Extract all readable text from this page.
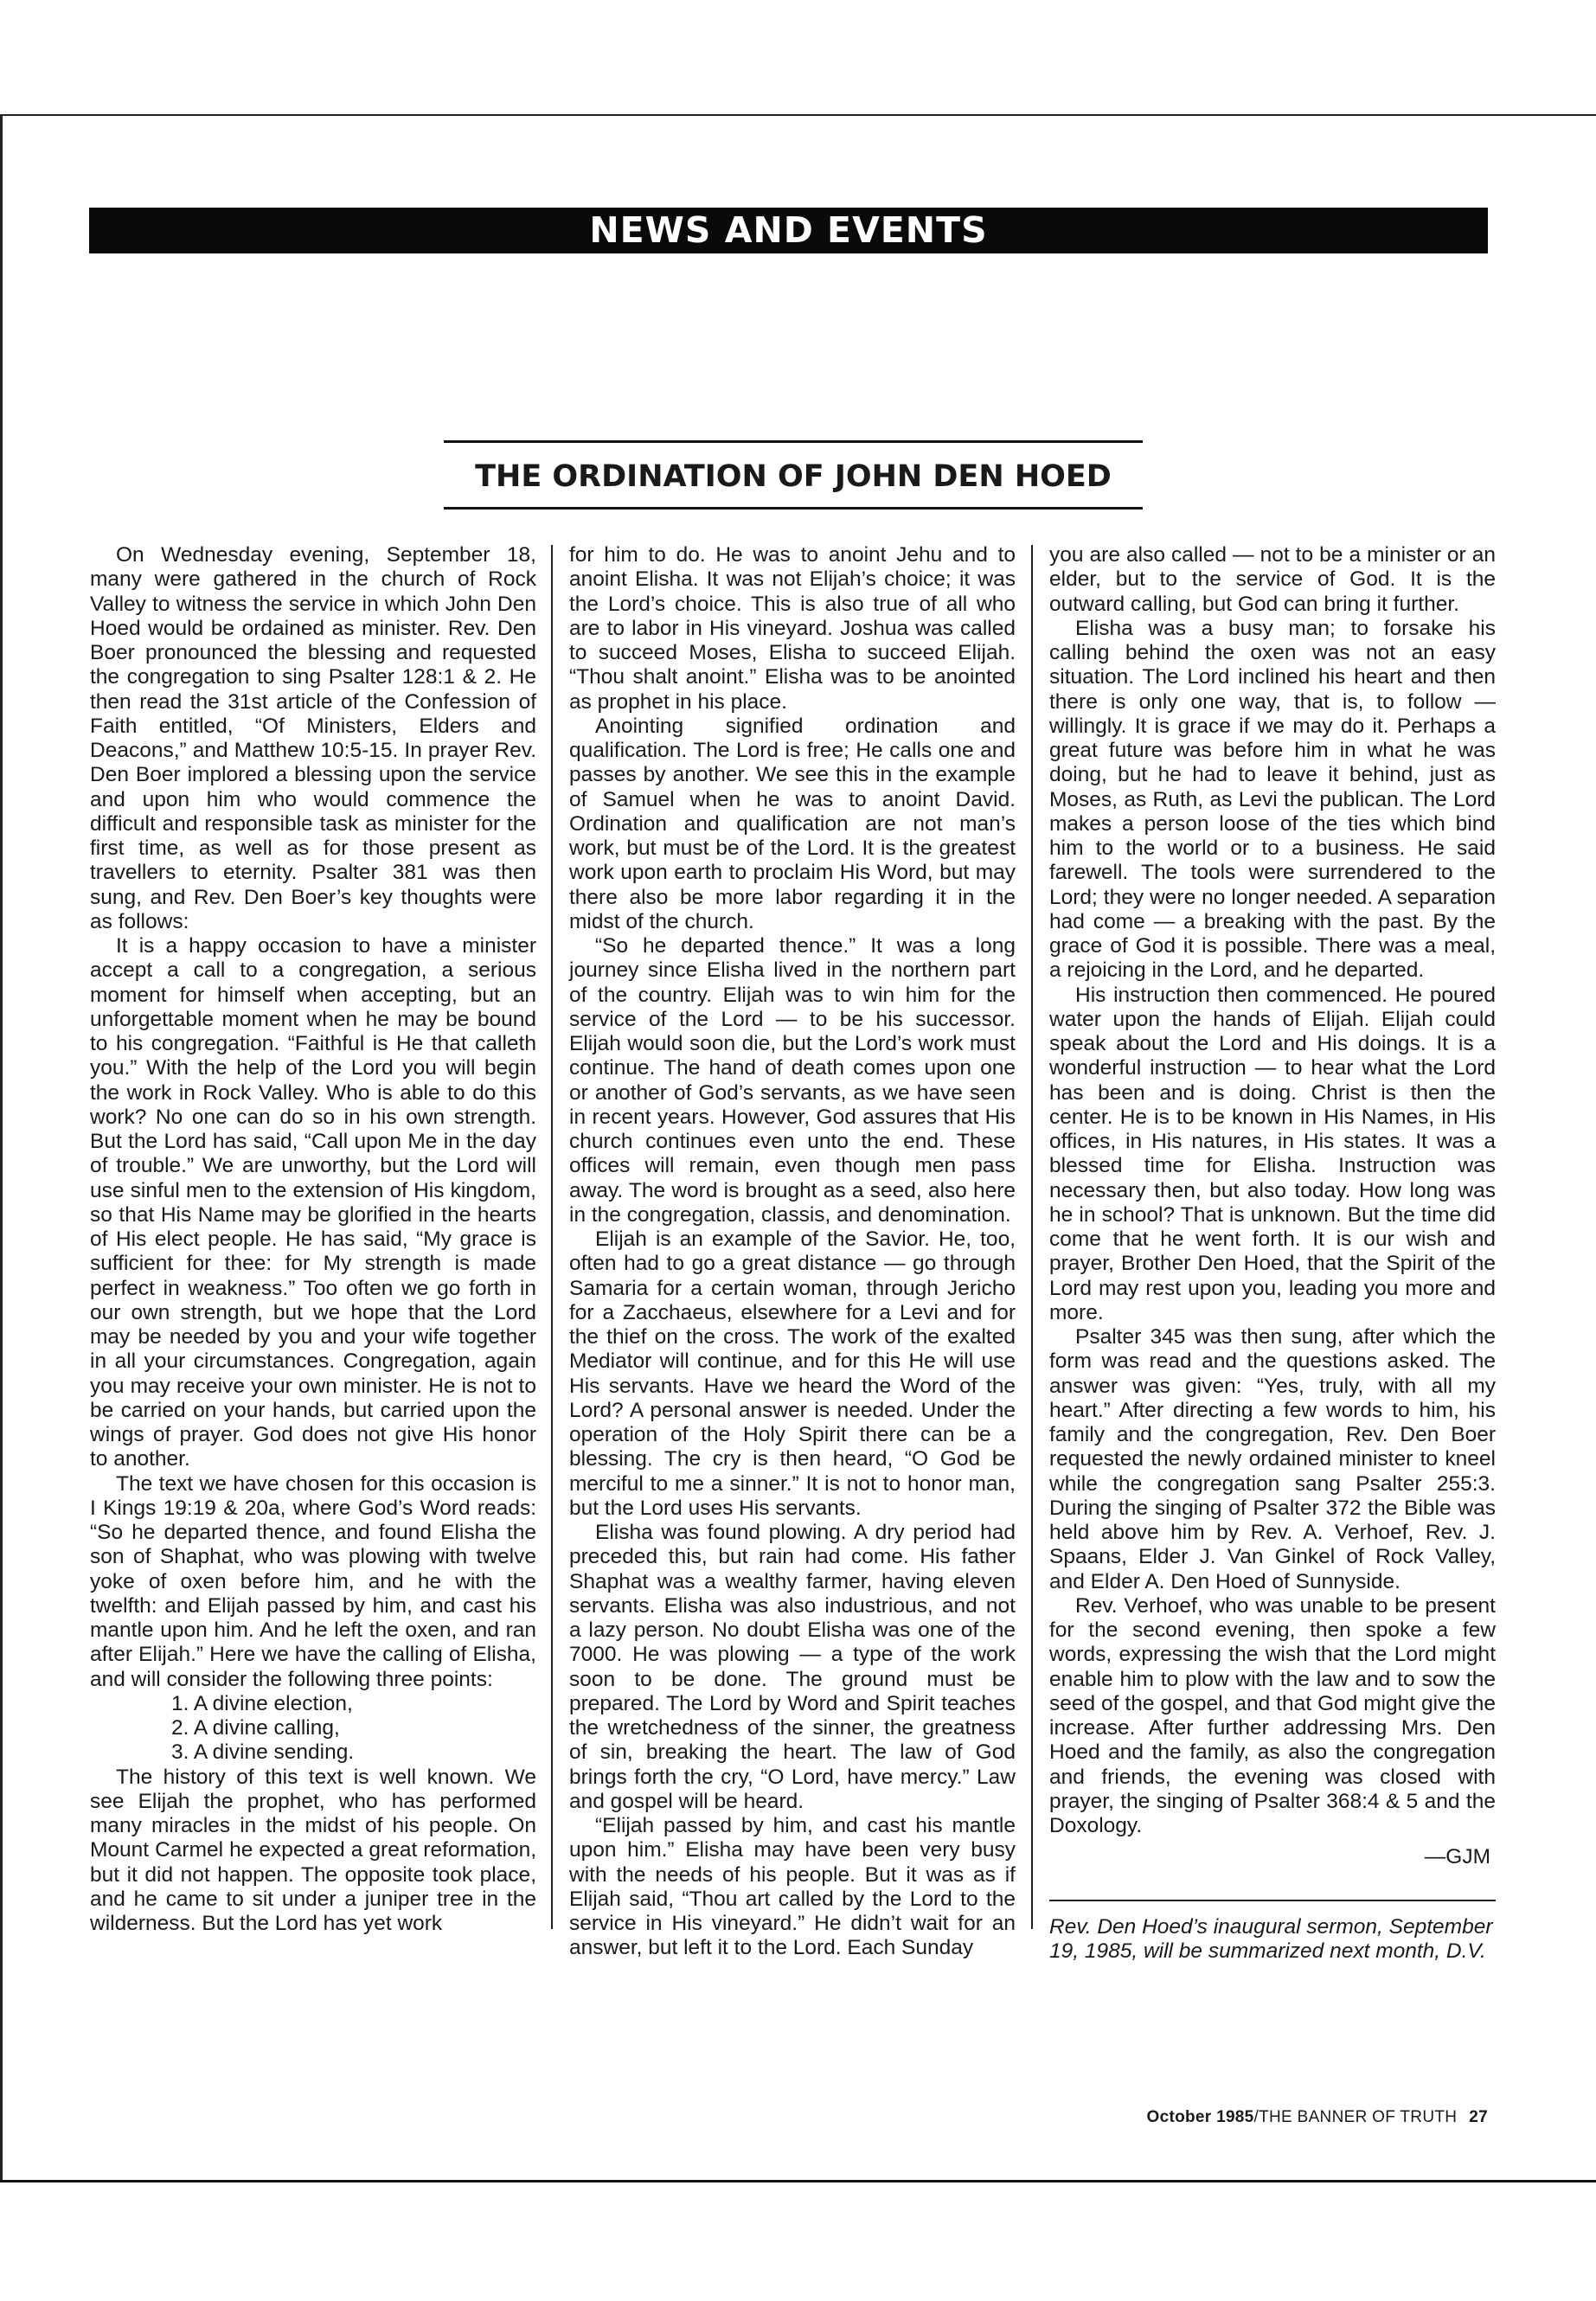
NEWS AND EVENTS
THE ORDINATION OF JOHN DEN HOED

On Wednesday evening, September 18, many were gathered in the church of Rock Valley to witness the service in which John Den Hoed would be ordained as minister. Rev. Den Boer pronounced the blessing and requested the congregation to sing Psalter 128:1 & 2. He then read the 31st article of the Confession of Faith entitled, “Of Ministers, Elders and Deacons,” and Matthew 10:5-15. In prayer Rev. Den Boer implored a blessing upon the service and upon him who would commence the difficult and responsible task as minister for the first time, as well as for those present as travellers to eternity. Psalter 381 was then sung, and Rev. Den Boer’s key thoughts were as follows:

It is a happy occasion to have a minister accept a call to a congregation, a serious moment for himself when accepting, but an unforgettable moment when he may be bound to his congregation. “Faithful is He that calleth you.” With the help of the Lord you will begin the work in Rock Valley. Who is able to do this work? No one can do so in his own strength. But the Lord has said, “Call upon Me in the day of trouble.” We are unworthy, but the Lord will use sinful men to the extension of His kingdom, so that His Name may be glorified in the hearts of His elect people. He has said, “My grace is sufficient for thee: for My strength is made perfect in weakness.” Too often we go forth in our own strength, but we hope that the Lord may be needed by you and your wife together in all your circumstances. Congregation, again you may receive your own minister. He is not to be carried on your hands, but carried upon the wings of prayer. God does not give His honor to another.

The text we have chosen for this occasion is I Kings 19:19 & 20a, where God’s Word reads: “So he departed thence, and found Elisha the son of Shaphat, who was plowing with twelve yoke of oxen before him, and he with the twelfth: and Elijah passed by him, and cast his mantle upon him. And he left the oxen, and ran after Elijah.” Here we have the calling of Elisha, and will consider the following three points:

1. A divine election,

2. A divine calling,

3. A divine sending.

The history of this text is well known. We see Elijah the prophet, who has performed many miracles in the midst of his people. On Mount Carmel he expected a great reformation, but it did not happen. The opposite took place, and he came to sit under a juniper tree in the wilderness. But the Lord has yet work

for him to do. He was to anoint Jehu and to anoint Elisha. It was not Elijah’s choice; it was the Lord’s choice. This is also true of all who are to labor in His vineyard. Joshua was called to succeed Moses, Elisha to succeed Elijah. “Thou shalt anoint.” Elisha was to be anointed as prophet in his place.

Anointing signified ordination and qualification. The Lord is free; He calls one and passes by another. We see this in the example of Samuel when he was to anoint David. Ordination and qualification are not man’s work, but must be of the Lord. It is the greatest work upon earth to proclaim His Word, but may there also be more labor regarding it in the midst of the church.

“So he departed thence.” It was a long journey since Elisha lived in the northern part of the country. Elijah was to win him for the service of the Lord — to be his successor. Elijah would soon die, but the Lord’s work must continue. The hand of death comes upon one or another of God’s servants, as we have seen in recent years. However, God assures that His church continues even unto the end. These offices will remain, even though men pass away. The word is brought as a seed, also here in the congregation, classis, and denomination.

Elijah is an example of the Savior. He, too, often had to go a great distance — go through Samaria for a certain woman, through Jericho for a Zacchaeus, elsewhere for a Levi and for the thief on the cross. The work of the exalted Mediator will continue, and for this He will use His servants. Have we heard the Word of the Lord? A personal answer is needed. Under the operation of the Holy Spirit there can be a blessing. The cry is then heard, “O God be merciful to me a sinner.” It is not to honor man, but the Lord uses His servants.

Elisha was found plowing. A dry period had preceded this, but rain had come. His father Shaphat was a wealthy farmer, having eleven servants. Elisha was also industrious, and not a lazy person. No doubt Elisha was one of the 7000. He was plowing — a type of the work soon to be done. The ground must be prepared. The Lord by Word and Spirit teaches the wretchedness of the sinner, the greatness of sin, breaking the heart. The law of God brings forth the cry, “O Lord, have mercy.” Law and gospel will be heard.

“Elijah passed by him, and cast his mantle upon him.” Elisha may have been very busy with the needs of his people. But it was as if Elijah said, “Thou art called by the Lord to the service in His vineyard.” He didn’t wait for an answer, but left it to the Lord. Each Sunday

you are also called — not to be a minister or an elder, but to the service of God. It is the outward calling, but God can bring it further.

Elisha was a busy man; to forsake his calling behind the oxen was not an easy situation. The Lord inclined his heart and then there is only one way, that is, to follow — willingly. It is grace if we may do it. Perhaps a great future was before him in what he was doing, but he had to leave it behind, just as Moses, as Ruth, as Levi the publican. The Lord makes a person loose of the ties which bind him to the world or to a business. He said farewell. The tools were surrendered to the Lord; they were no longer needed. A separation had come — a breaking with the past. By the grace of God it is possible. There was a meal, a rejoicing in the Lord, and he departed.

His instruction then commenced. He poured water upon the hands of Elijah. Elijah could speak about the Lord and His doings. It is a wonderful instruction — to hear what the Lord has been and is doing. Christ is then the center. He is to be known in His Names, in His offices, in His natures, in His states. It was a blessed time for Elisha. Instruction was necessary then, but also today. How long was he in school? That is unknown. But the time did come that he went forth. It is our wish and prayer, Brother Den Hoed, that the Spirit of the Lord may rest upon you, leading you more and more.

Psalter 345 was then sung, after which the form was read and the questions asked. The answer was given: “Yes, truly, with all my heart.” After directing a few words to him, his family and the congregation, Rev. Den Boer requested the newly ordained minister to kneel while the congregation sang Psalter 255:3. During the singing of Psalter 372 the Bible was held above him by Rev. A. Verhoef, Rev. J. Spaans, Elder J. Van Ginkel of Rock Valley, and Elder A. Den Hoed of Sunnyside.

Rev. Verhoef, who was unable to be present for the second evening, then spoke a few words, expressing the wish that the Lord might enable him to plow with the law and to sow the seed of the gospel, and that God might give the increase. After further addressing Mrs. Den Hoed and the family, as also the congregation and friends, the evening was closed with prayer, the singing of Psalter 368:4 & 5 and the Doxology.

—GJM

Rev. Den Hoed’s inaugural sermon, September 19, 1985, will be summarized next month, D.V.

October 1985/THE BANNER OF TRUTH 27
